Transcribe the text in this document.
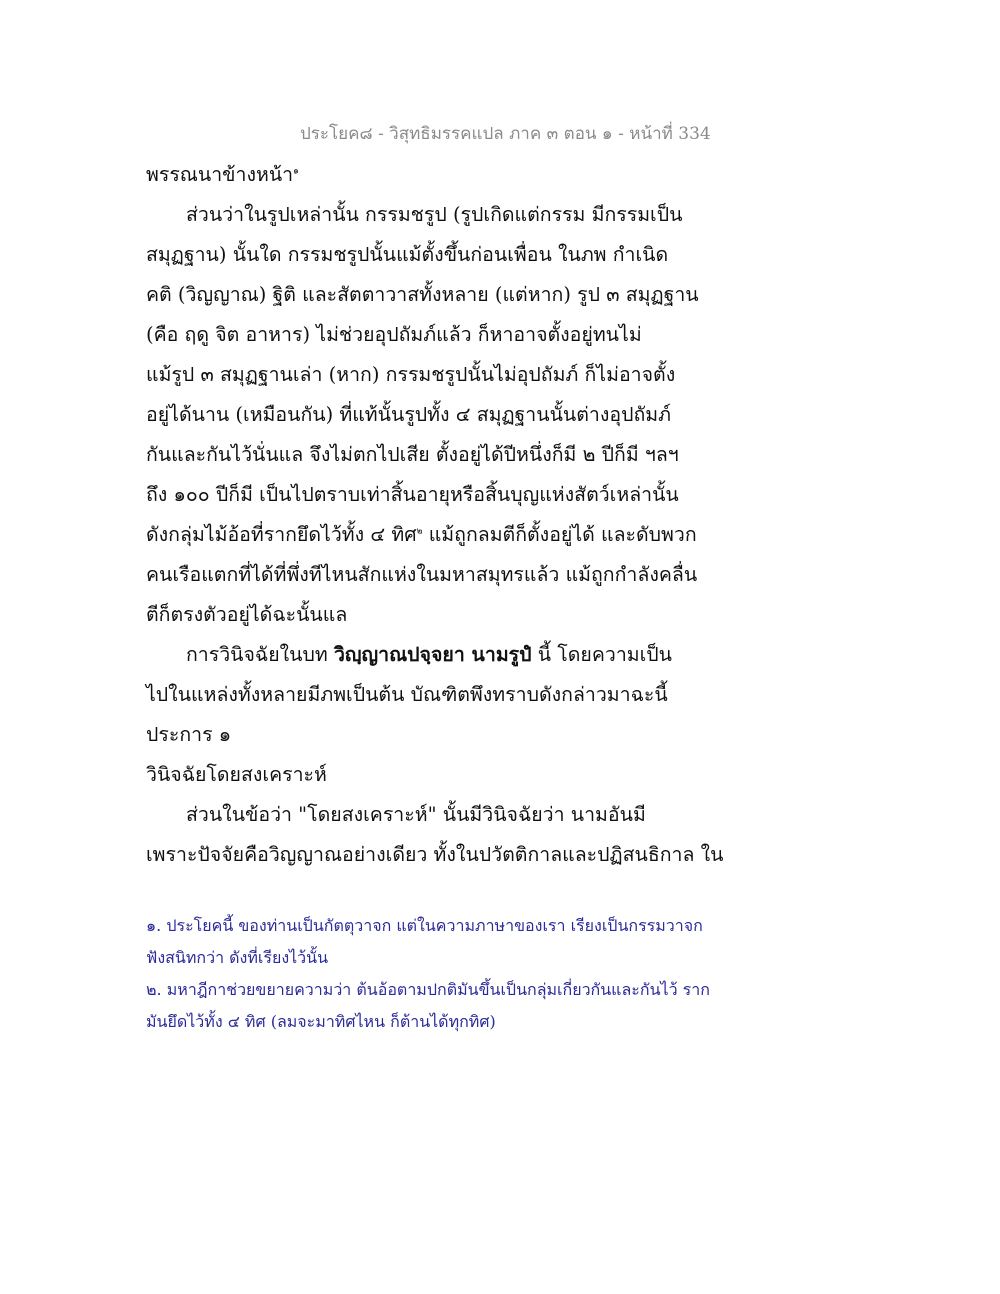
ประโยค๘ - วิสุทธิมรรคแปล ภาค ๓ ตอน ๑ - หน้าที่ 334
พรรณนาข้างหน้า$^๑$
ส่วนว่าในรูปเหล่านั้น กรรมชรูป (รูปเกิดแต่กรรม มีกรรมเป็น
สมุฏฐาน) นั้นใด กรรมชรูปนั้นแม้ตั้งขึ้นก่อนเพื่อน ในภพ กำเนิด
คติ (วิญญาณ) ฐิติ และสัตตาวาสทั้งหลาย (แต่หาก) รูป ๓ สมุฏฐาน
(คือ ฤดู จิต อาหาร) ไม่ช่วยอุปถัมภ์แล้ว ก็หาอาจตั้งอยู่ทนไม่
แม้รูป ๓ สมุฏฐานเล่า (หาก) กรรมชรูปนั้นไม่อุปถัมภ์ ก็ไม่อาจตั้ง
อยู่ได้นาน (เหมือนกัน) ที่แท้นั้นรูปทั้ง ๔ สมุฏฐานนั้นต่างอุปถัมภ์
กันและกันไว้นั่นแล จึงไม่ตกไปเสีย ตั้งอยู่ได้ปีหนึ่งก็มี ๒ ปีก็มี ฯลฯ
ถึง ๑๐๐ ปีก็มี เป็นไปตราบเท่าสิ้นอายุหรือสิ้นบุญแห่งสัตว์เหล่านั้น
ดังกลุ่มไม้อ้อที่รากยึดไว้ทั้ง ๔ ทิศ$^๒$ แม้ถูกลมตีก็ตั้งอยู่ได้ และดับพวก
คนเรือแตกที่ได้ที่พึ่งทีไหนสักแห่งในมหาสมุทรแล้ว แม้ถูกกำลังคลื่น
ตีก็ตรงตัวอยู่ได้ฉะนั้นแล
การวินิจฉัยในบท วิญฺญาณปจฺจยา นามรูปํ นี้ โดยความเป็น
ไปในแหล่งทั้งหลายมีภพเป็นต้น บัณฑิตพึงทราบดังกล่าวมาฉะนี้
ประการ ๑
วินิจฉัยโดยสงเคราะห์
ส่วนในข้อว่า "โดยสงเคราะห์" นั้นมีวินิจฉัยว่า นามอันมี
เพราะปัจจัยคือวิญญาณอย่างเดียว ทั้งในปวัตติกาลและปฏิสนธิกาล ใน
๑. ประโยคนี้ ของท่านเป็นกัตตุวาจก แต่ในความภาษาของเรา เรียงเป็นกรรมวาจก
ฟังสนิทกว่า ดังที่เรียงไว้นั้น
๒. มหาฎีกาช่วยขยายความว่า ต้นอ้อตามปกติมันขึ้นเป็นกลุ่มเกี่ยวกันและกันไว้ ราก
มันยึดไว้ทั้ง ๔ ทิศ (ลมจะมาทิศไหน ก็ต้านได้ทุกทิศ)
